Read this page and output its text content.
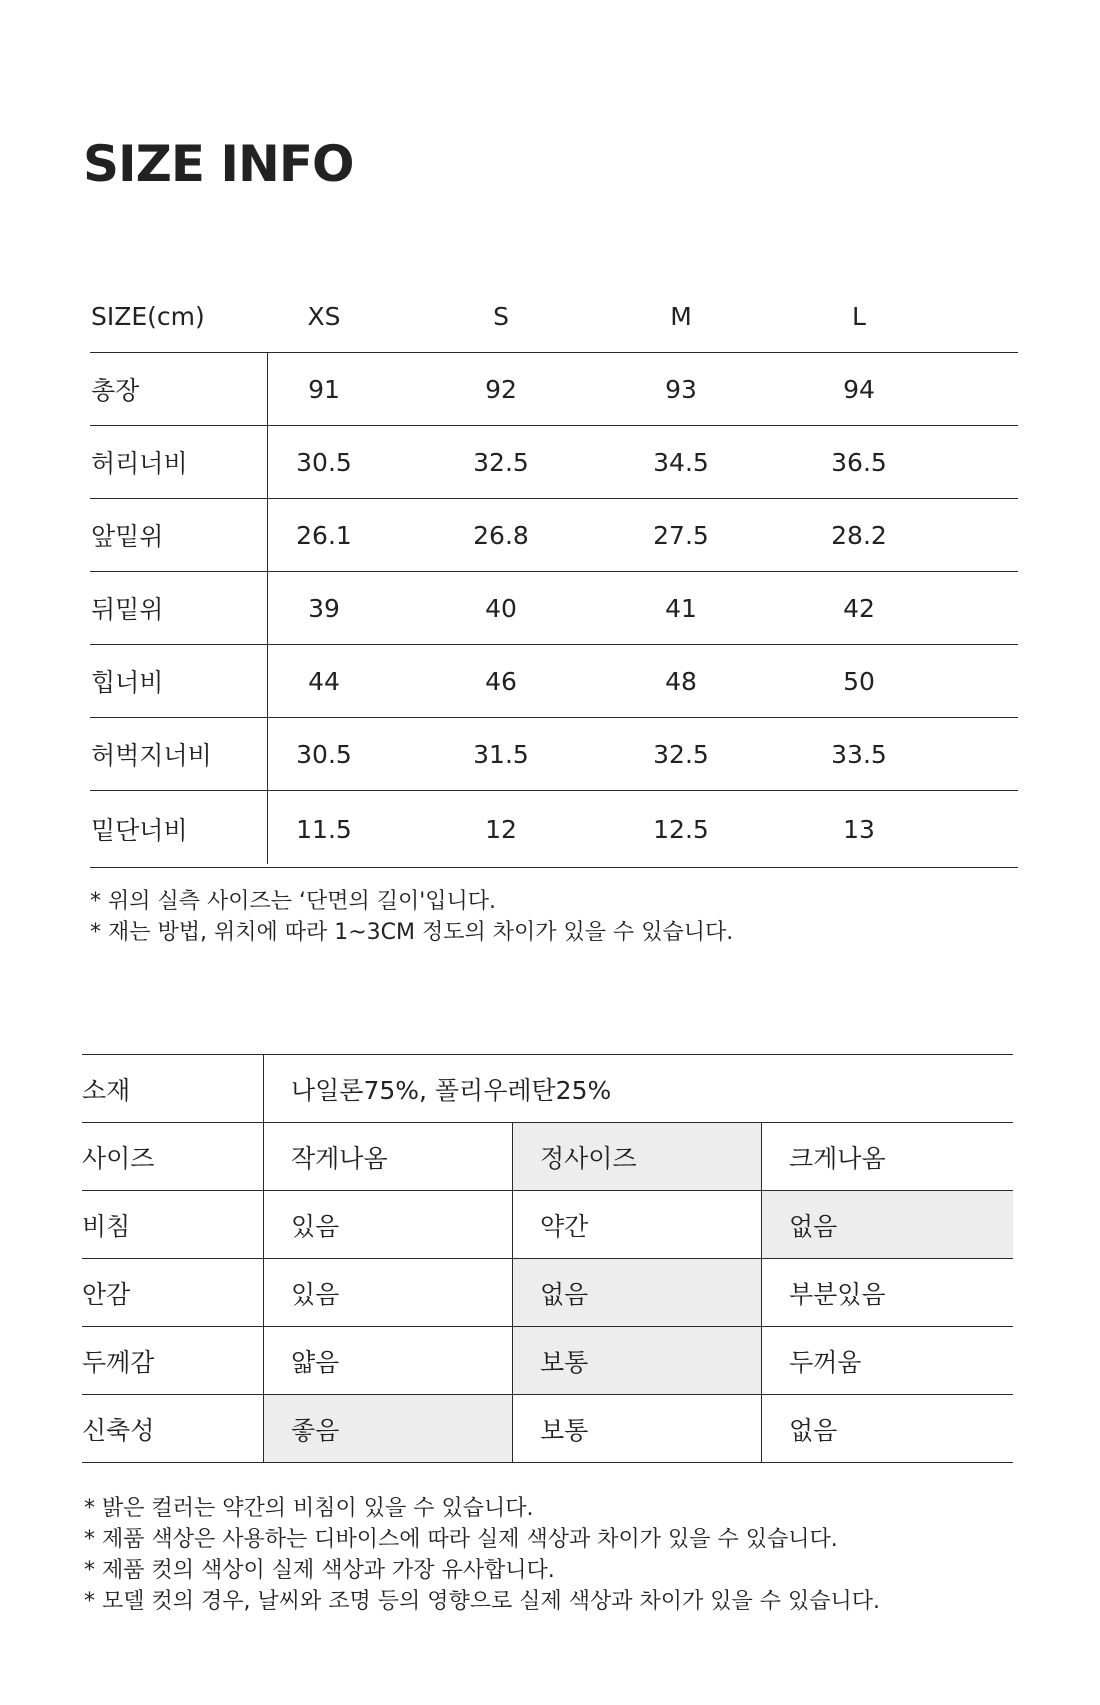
SIZE INFO
SIZE(cm)	XS	S	M	L
총장	91	92	93	94
허리너비	30.5	32.5	34.5	36.5
앞밑위	26.1	26.8	27.5	28.2
뒤밑위	39	40	41	42
힙너비	44	46	48	50
허벅지너비	30.5	31.5	32.5	33.5
밑단너비	11.5	12	12.5	13
* 위의 실측 사이즈는 ‘단면의 길이'입니다.
* 재는 방법, 위치에 따라 1~3CM 정도의 차이가 있을 수 있습니다.
소재	나일론75%, 폴리우레탄25%
사이즈	작게나옴	정사이즈	크게나옴
비침	있음	약간	없음
안감	있음	없음	부분있음
두께감	얇음	보통	두꺼움
신축성	좋음	보통	없음
* 밝은 컬러는 약간의 비침이 있을 수 있습니다.
* 제품 색상은 사용하는 디바이스에 따라 실제 색상과 차이가 있을 수 있습니다.
* 제품 컷의 색상이 실제 색상과 가장 유사합니다.
* 모델 컷의 경우, 날씨와 조명 등의 영향으로 실제 색상과 차이가 있을 수 있습니다.
